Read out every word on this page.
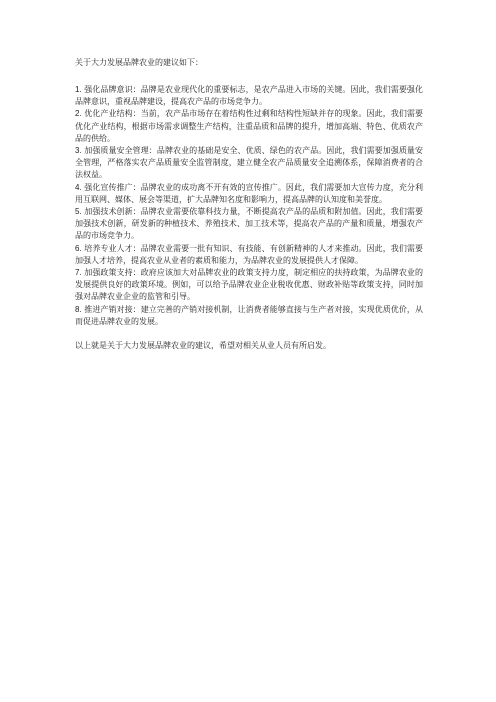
关于大力发展品牌农业的建议如下：

1. 强化品牌意识：品牌是农业现代化的重要标志，是农产品进入市场的关键。因此，我们需要强化品牌意识，重视品牌建设，提高农产品的市场竞争力。

2. 优化产业结构：当前，农产品市场存在着结构性过剩和结构性短缺并存的现象。因此，我们需要优化产业结构，根据市场需求调整生产结构，注重品质和品牌的提升，增加高端、特色、优质农产品的供给。

3. 加强质量安全管理：品牌农业的基础是安全、优质、绿色的农产品。因此，我们需要加强质量安全管理，严格落实农产品质量安全监管制度，建立健全农产品质量安全追溯体系，保障消费者的合法权益。

4. 强化宣传推广：品牌农业的成功离不开有效的宣传推广。因此，我们需要加大宣传力度，充分利用互联网、媒体、展会等渠道，扩大品牌知名度和影响力，提高品牌的认知度和美誉度。

5. 加强技术创新：品牌农业需要依靠科技力量，不断提高农产品的品质和附加值。因此，我们需要加强技术创新，研发新的种植技术、养殖技术、加工技术等，提高农产品的产量和质量，增强农产品的市场竞争力。

6. 培养专业人才：品牌农业需要一批有知识、有技能、有创新精神的人才来推动。因此，我们需要加强人才培养，提高农业从业者的素质和能力，为品牌农业的发展提供人才保障。

7. 加强政策支持：政府应该加大对品牌农业的政策支持力度，制定相应的扶持政策，为品牌农业的发展提供良好的政策环境。例如，可以给予品牌农业企业税收优惠、财政补贴等政策支持，同时加强对品牌农业企业的监管和引导。

8. 推进产销对接：建立完善的产销对接机制，让消费者能够直接与生产者对接，实现优质优价，从而促进品牌农业的发展。

以上就是关于大力发展品牌农业的建议，希望对相关从业人员有所启发。
